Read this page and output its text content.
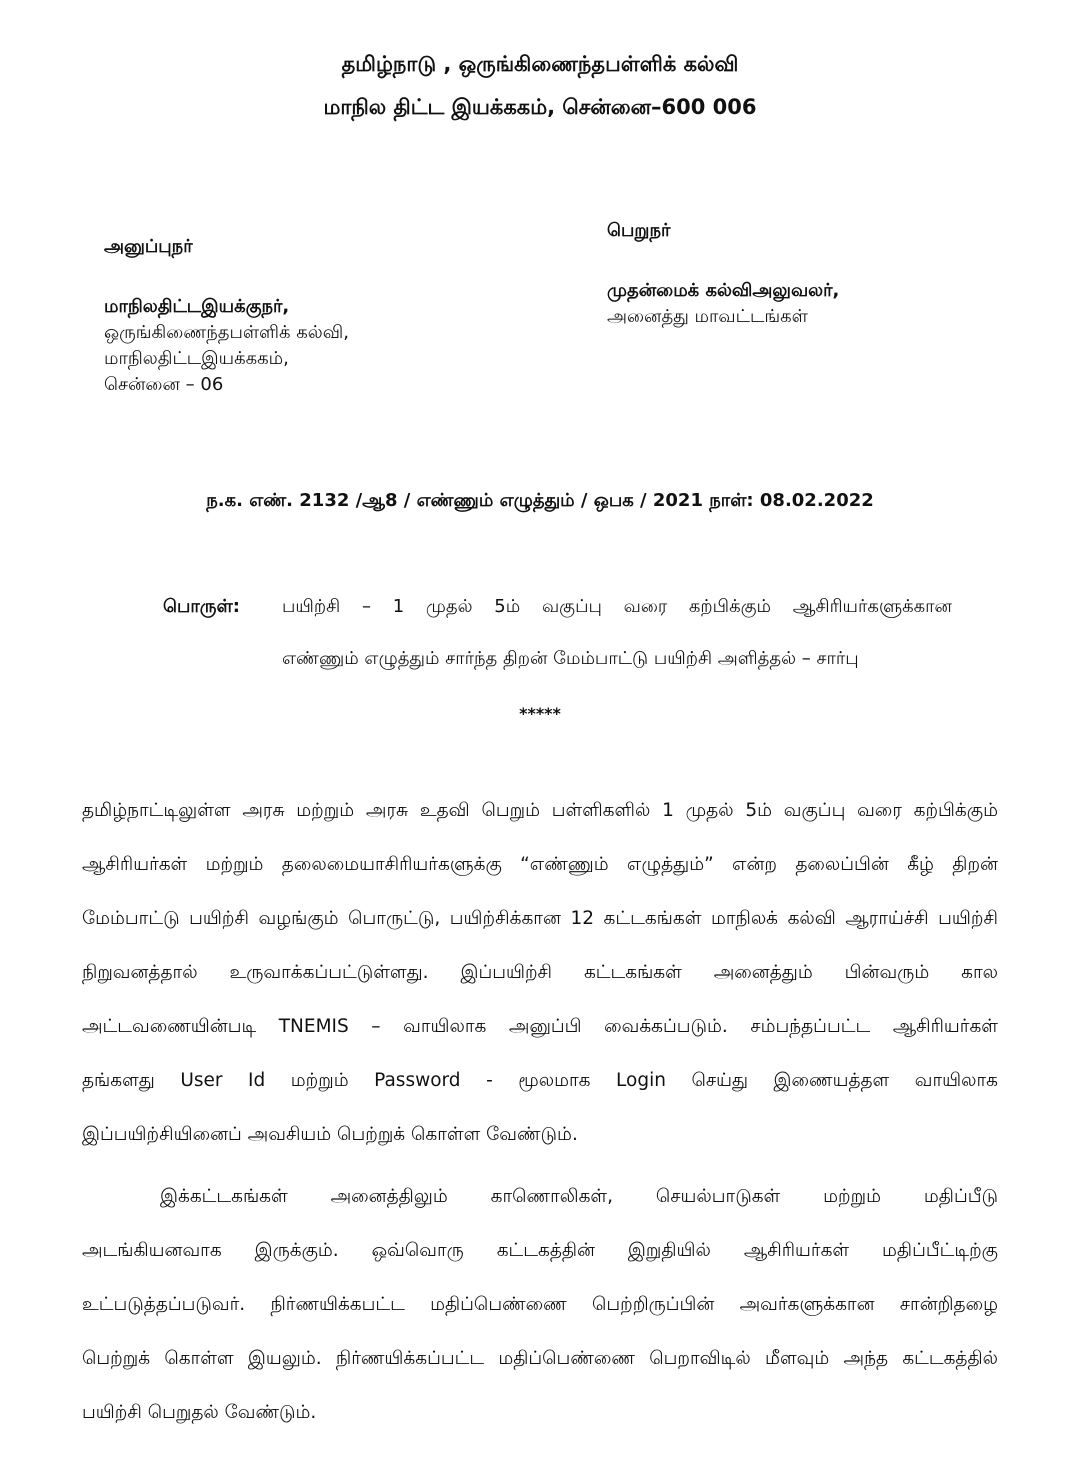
தமிழ்நாடு , ஒருங்கிணைந்தபள்ளிக் கல்வி
மாநில திட்ட இயக்ககம், சென்னை–600 006
அனுப்புநர்
மாநிலதிட்டஇயக்குநர்,
ஒருங்கிணைந்தபள்ளிக் கல்வி,
மாநிலதிட்டஇயக்ககம்,
சென்னை – 06
பெறுநர்
முதன்மைக் கல்விஅலுவலர்,
அனைத்து மாவட்டங்கள்
ந.க. எண். 2132 /ஆ8 / எண்ணும் எழுத்தும் / ஒபக / 2021 நாள்: 08.02.2022
பொருள்: பயிற்சி – 1 முதல் 5ம் வகுப்பு வரை கற்பிக்கும் ஆசிரியர்களுக்கான
எண்ணும் எழுத்தும் சார்ந்த திறன் மேம்பாட்டு பயிற்சி அளித்தல் – சார்பு
*****
தமிழ்நாட்டிலுள்ள அரசு மற்றும் அரசு உதவி பெறும் பள்ளிகளில் 1 முதல் 5ம் வகுப்பு வரை கற்பிக்கும்
ஆசிரியர்கள் மற்றும் தலைமையாசிரியர்களுக்கு “எண்ணும் எழுத்தும்” என்ற தலைப்பின் கீழ் திறன்
மேம்பாட்டு பயிற்சி வழங்கும் பொருட்டு, பயிற்சிக்கான 12 கட்டகங்கள் மாநிலக் கல்வி ஆராய்ச்சி பயிற்சி
நிறுவனத்தால் உருவாக்கப்பட்டுள்ளது. இப்பயிற்சி கட்டகங்கள் அனைத்தும் பின்வரும் கால
அட்டவணையின்படி TNEMIS – வாயிலாக அனுப்பி வைக்கப்படும். சம்பந்தப்பட்ட ஆசிரியர்கள்
தங்களது User Id மற்றும் Password - மூலமாக Login செய்து இணையத்தள வாயிலாக
இப்பயிற்சியினைப் அவசியம் பெற்றுக் கொள்ள வேண்டும்.
இக்கட்டகங்கள் அனைத்திலும் காணொலிகள், செயல்பாடுகள் மற்றும் மதிப்பீடு
அடங்கியனவாக இருக்கும். ஒவ்வொரு கட்டகத்தின் இறுதியில் ஆசிரியர்கள் மதிப்பீட்டிற்கு
உட்படுத்தப்படுவர். நிர்ணயிக்கபட்ட மதிப்பெண்ணை பெற்றிருப்பின் அவர்களுக்கான சான்றிதழை
பெற்றுக் கொள்ள இயலும். நிர்ணயிக்கப்பட்ட மதிப்பெண்ணை பெறாவிடில் மீளவும் அந்த கட்டகத்தில்
பயிற்சி பெறுதல் வேண்டும்.
